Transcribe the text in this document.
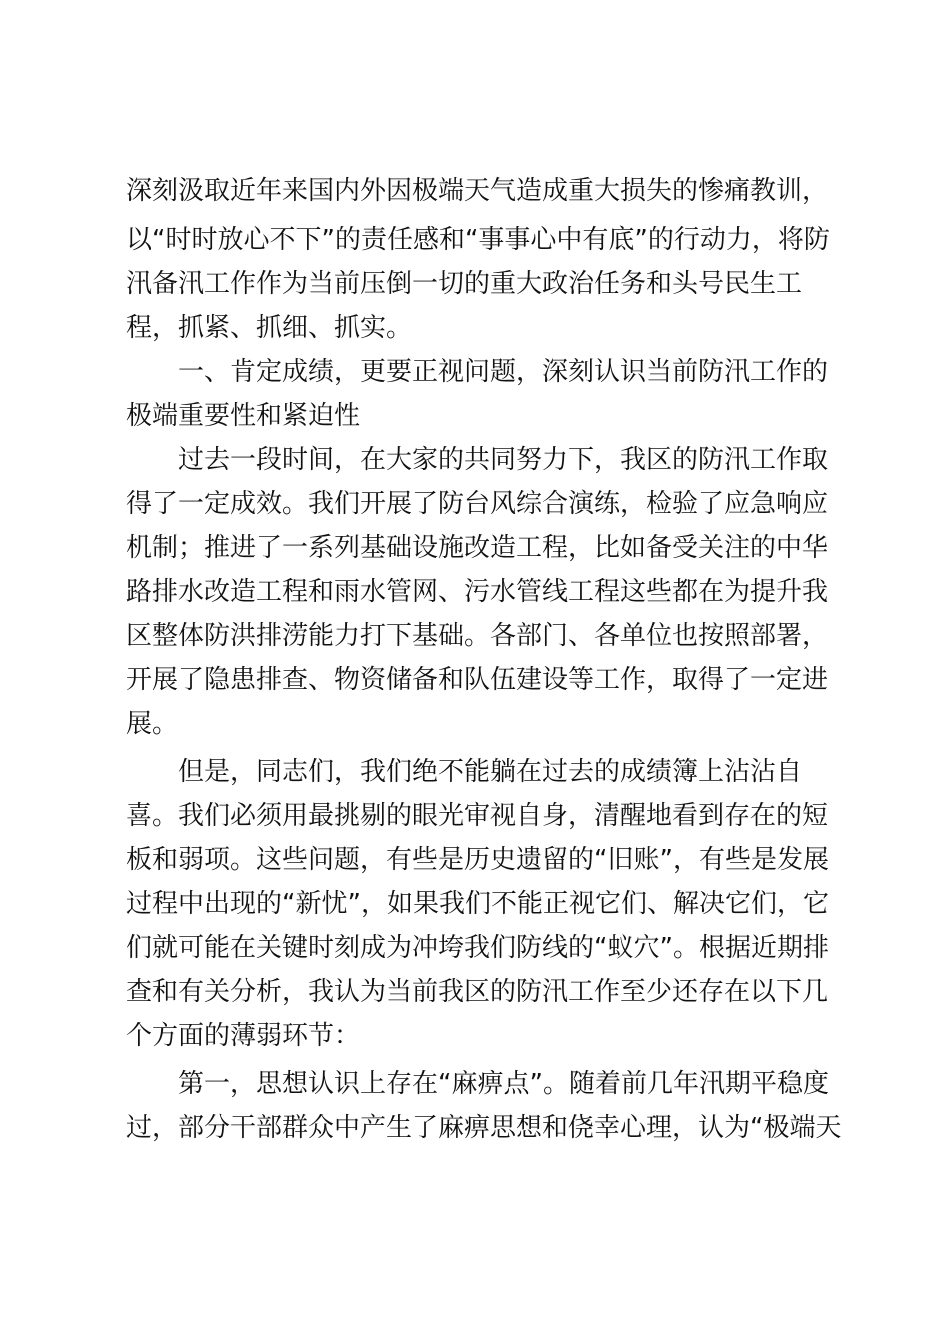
深刻汲取近年来国内外因极端天气造成重大损失的惨痛教训，
以“时时放心不下”的责任感和“事事心中有底”的行动力，将防
汛备汛工作作为当前压倒一切的重大政治任务和头号民生工
程，抓紧、抓细、抓实。
一、肯定成绩，更要正视问题，深刻认识当前防汛工作的
极端重要性和紧迫性
过去一段时间，在大家的共同努力下，我区的防汛工作取
得了一定成效。我们开展了防台风综合演练，检验了应急响应
机制；推进了一系列基础设施改造工程，比如备受关注的中华
路排水改造工程和雨水管网、污水管线工程这些都在为提升我
区整体防洪排涝能力打下基础。各部门、各单位也按照部署，
开展了隐患排查、物资储备和队伍建设等工作，取得了一定进
展。
但是，同志们，我们绝不能躺在过去的成绩簿上沾沾自
喜。我们必须用最挑剔的眼光审视自身，清醒地看到存在的短
板和弱项。这些问题，有些是历史遗留的“旧账”，有些是发展
过程中出现的“新忧”，如果我们不能正视它们、解决它们，它
们就可能在关键时刻成为冲垮我们防线的“蚁穴”。根据近期排
查和有关分析，我认为当前我区的防汛工作至少还存在以下几
个方面的薄弱环节：
第一，思想认识上存在“麻痹点”。随着前几年汛期平稳度
过，部分干部群众中产生了麻痹思想和侥幸心理，认为“极端天
